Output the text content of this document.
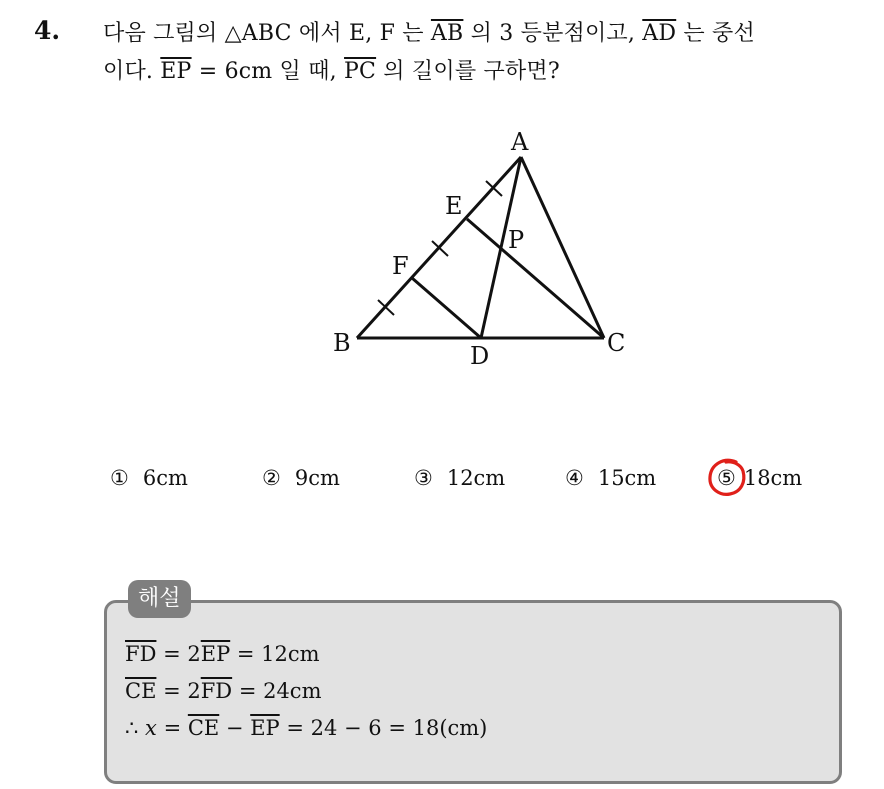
4. 다음 그림의 △ABC 에서 E, F 는 $\overline{AB}$ 의 3 등분점이고, $\overline{AD}$ 는 중선
이다. $\overline{EP} = 6cm$ 일 때, $\overline{PC}$ 의 길이를 구하면?
A
B	C
D
E
F
P
① 6cm	② 9cm	③ 12cm	④ 15cm	⑤ 18cm
해설
$\overline{FD} = 2\overline{EP} = 12cm$
$\overline{CE} = 2\overline{FD} = 24cm$
∴ $x = \overline{CE} - \overline{EP} = 24 - 6 = 18(cm)$
